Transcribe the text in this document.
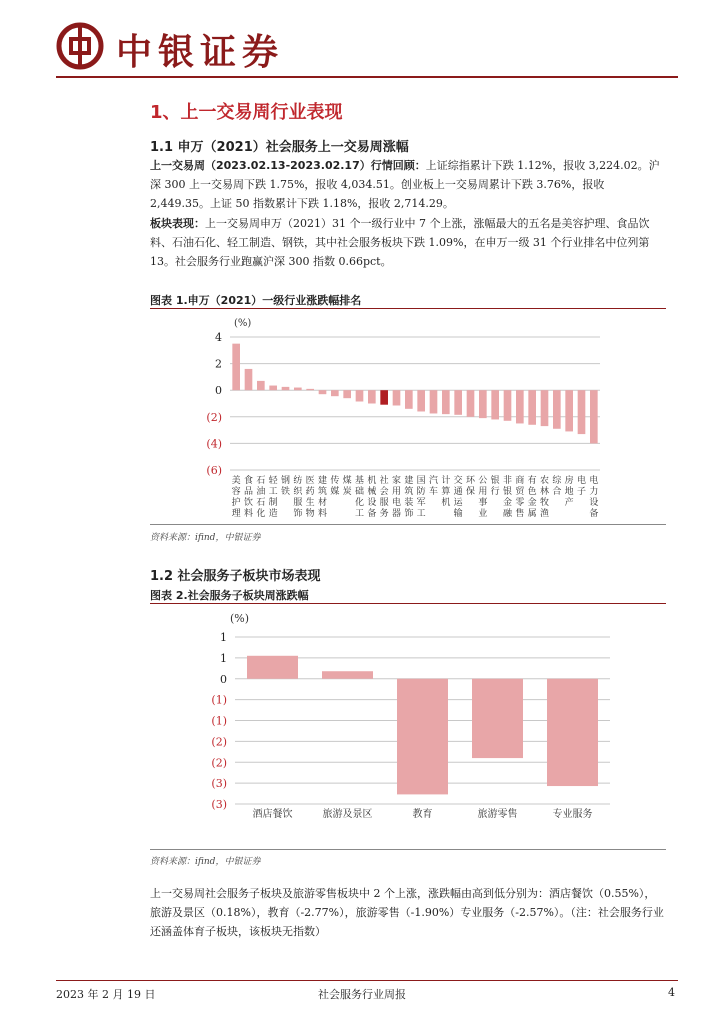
中银证券
1、上一交易周行业表现
1.1 申万（2021）社会服务上一交易周涨幅
上一交易周（2023.02.13-2023.02.17）行情回顾：上证综指累计下跌 1.12%，报收 3,224.02。沪深 300 上一交易周下跌 1.75%，报收 4,034.51。创业板上一交易周累计下跌 3.76%，报收 2,449.35。上证 50 指数累计下跌 1.18%，报收 2,714.29。
板块表现：上一交易周申万（2021）31 个一级行业中 7 个上涨，涨幅最大的五名是美容护理、食品饮料、石油石化、轻工制造、钢铁，其中社会服务板块下跌 1.09%，在申万一级 31 个行业排名中位列第 13。社会服务行业跑赢沪深 300 指数 0.66pct。
图表 1.申万（2021）一级行业涨跌幅排名
(%)
4
2
0
(2)
(4)
(6)
美容护理
食品饮料
石油石化
轻工制造
钢铁
纺织服饰
医药生物
建筑材料
传媒
煤炭
基础化工
机械设备
社会服务
家用电器
建筑装饰
国防军工
汽车
计算机
交通运输
环保
公用事业
银行
非银金融
商贸零售
有色金属
农林牧渔
综合
房地产
电子
电力设备
资料来源：ifind，中银证券
1.2 社会服务子板块市场表现
图表 2.社会服务子板块周涨跌幅
(%)
1
1
0
(1)
(1)
(2)
(2)
(3)
(3)
酒店餐饮	旅游及景区	教育	旅游零售	专业服务
资料来源：ifind，中银证券
上一交易周社会服务子板块及旅游零售板块中 2 个上涨，涨跌幅由高到低分别为：酒店餐饮（0.55%），旅游及景区（0.18%），教育（-2.77%），旅游零售（-1.90%）专业服务（-2.57%）。（注：社会服务行业还涵盖体育子板块，该板块无指数）
2023 年 2 月 19 日	社会服务行业周报	4
